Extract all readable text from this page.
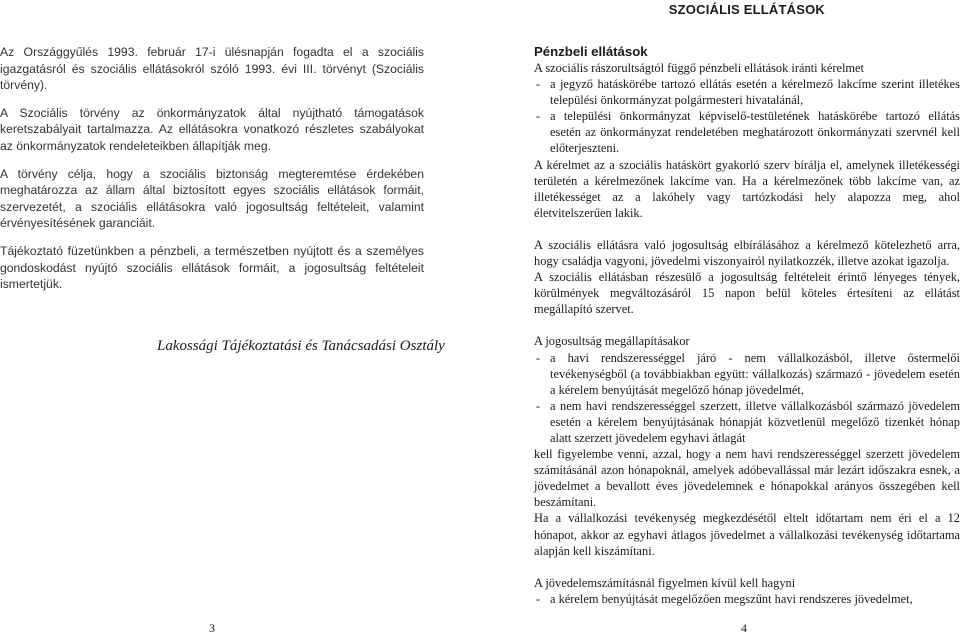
SZOCIÁLIS ELLÁTÁSOK

Az Országgyűlés 1993. február 17-i ülésnapján fogadta el a szociális igazgatásról és szociális ellátásokról szóló 1993. évi III. törvényt (Szociális törvény).

A Szociális törvény az önkormányzatok által nyújtható támogatások keretszabályait tartalmazza. Az ellátásokra vonatkozó részletes szabályokat az önkormányzatok rendeleteikben állapítják meg.

A törvény célja, hogy a szociális biztonság megteremtése érdekében meghatározza az állam által biztosított egyes szociális ellátások formáit, szervezetét, a szociális ellátásokra való jogosultság feltételeit, valamint érvényesítésének garanciáit.

Tájékoztató füzetünkben a pénzbeli, a természetben nyújtott és a személyes gondoskodást nyújtó szociális ellátások formáit, a jogosultság feltételeit ismertetjük.

Lakossági Tájékoztatási és Tanácsadási Osztály
Pénzbeli ellátások

A szociális rászorultságtól függő pénzbeli ellátások iránti kérelmet

- a jegyző hatáskörébe tartozó ellátás esetén a kérelmező lakcíme szerint illetékes települési önkormányzat polgármesteri hivatalánál,
- a települési önkormányzat képviselő-testületének hatáskörébe tartozó ellátás esetén az önkormányzat rendeletében meghatározott önkormányzati szervnél kell előterjeszteni.

A kérelmet az a szociális hatáskört gyakorló szerv bírálja el, amelynek illetékességi területén a kérelmezőnek lakcíme van. Ha a kérelmezőnek több lakcíme van, az illetékességet az a lakóhely vagy tartózkodási hely alapozza meg, ahol életvitelszerűen lakik.

A szociális ellátásra való jogosultság elbírálásához a kérelmező kötelezhető arra, hogy családja vagyoni, jövedelmi viszonyairól nyilatkozzék, illetve azokat igazolja.

A szociális ellátásban részesülő a jogosultság feltételeit érintő lényeges tények, körülmények megváltozásáról 15 napon belül köteles értesíteni az ellátást megállapító szervet.

A jogosultság megállapításakor

- a havi rendszerességgel járó - nem vállalkozásból, illetve őstermelői tevékenységből (a továbbiakban együtt: vállalkozás) származó - jövedelem esetén a kérelem benyújtását megelőző hónap jövedelmét,
- a nem havi rendszerességgel szerzett, illetve vállalkozásból származó jövedelem esetén a kérelem benyújtásának hónapját közvetlenül megelőző tizenkét hónap alatt szerzett jövedelem egyhavi átlagát

kell figyelembe venni, azzal, hogy a nem havi rendszerességgel szerzett jövedelem számításánál azon hónapoknál, amelyek adóbevallással már lezárt időszakra esnek, a jövedelmet a bevallott éves jövedelemnek e hónapokkal arányos összegében kell beszámítani.

Ha a vállalkozási tevékenység megkezdésétől eltelt időtartam nem éri el a 12 hónapot, akkor az egyhavi átlagos jövedelmet a vállalkozási tevékenység időtartama alapján kell kiszámítani.

A jövedelemszámításnál figyelmen kívül kell hagyni

- a kérelem benyújtását megelőzően megszűnt havi rendszeres jövedelmet,
3	4
